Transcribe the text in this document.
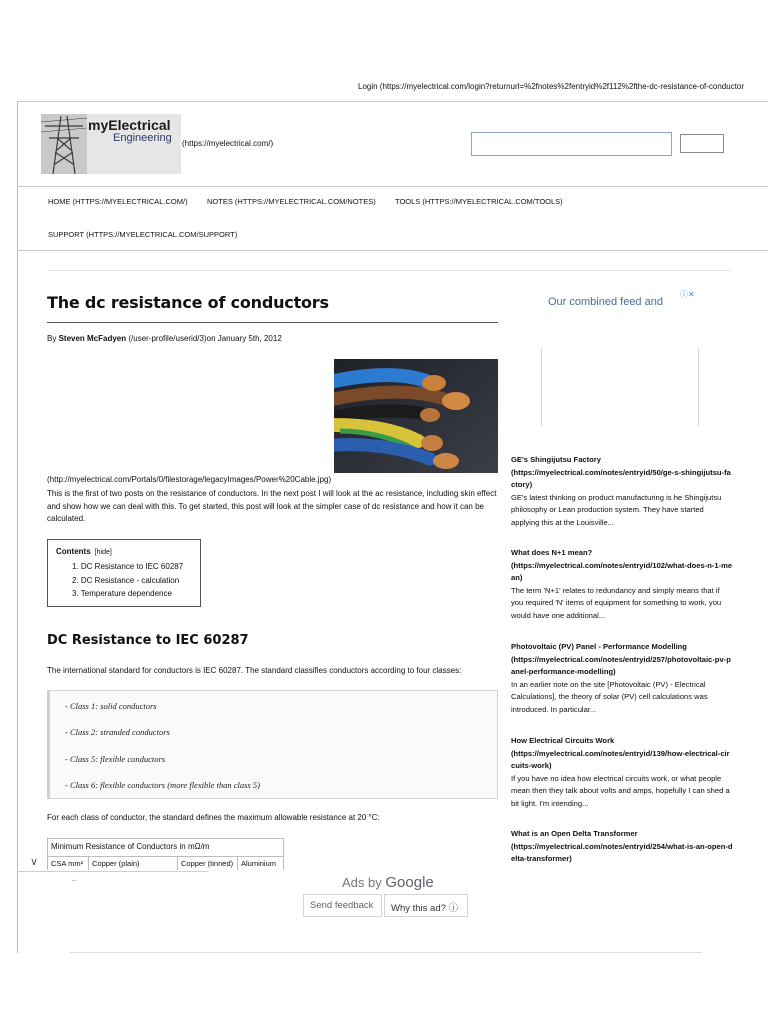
Login (https://myelectrical.com/login?returnurl=%2fnotes%2fentryid%2f112%2fthe-dc-resistance-of-conductor
myElectrical
Engineering (https://myelectrical.com/)
HOME (HTTPS://MYELECTRICAL.COM/)	NOTES (HTTPS://MYELECTRICAL.COM/NOTES)	TOOLS (HTTPS://MYELECTRICAL.COM/TOOLS)
SUPPORT (HTTPS://MYELECTRICAL.COM/SUPPORT)
The dc resistance of conductors
By Steven McFadyen (/user-profile/userid/3)on January 5th, 2012
(http://myelectrical.com/Portals/0/filestorage/legacyImages/Power%20Cable.jpg)
This is the first of two posts on the resistance of conductors. In the next post I will look at the ac resistance, including skin effect and show how we can deal with this. To get started, this post will look at the simpler case of dc resistance and how it can be calculated.
Contents [hide]
1. DC Resistance to IEC 60287
2. DC Resistance - calculation
3. Temperature dependence
DC Resistance to IEC 60287
The international standard for conductors is IEC 60287. The standard classifies conductors according to four classes:
- Class 1: solid conductors
- Class 2: stranded conductors
- Class 5: flexible conductors
- Class 6: flexible conductors (more flexible than class 5)
For each class of conductor, the standard defines the maximum allowable resistance at 20 °C:
Minimum Resistance of Conductors in mΩ/m
CSA mm²	Copper (plain)	Copper (tinned)	Aluminium
∨
←	Ads by Google
Send feedback	Why this ad? ⓘ
Our combined feed and
ⓘ✕
GE's Shingijutsu Factory
(https://myelectrical.com/notes/entryid/50/ge-s-shingijutsu-factory)
GE's latest thinking on product manufacturing is he Shingijutsu philosophy or Lean production system. They have started applying this at the Louisville...
What does N+1 mean?
(https://myelectrical.com/notes/entryid/102/what-does-n-1-mean)
The term 'N+1' relates to redundancy and simply means that if you required 'N' items of equipment for something to work, you would have one additional...
Photovoltaic (PV) Panel - Performance Modelling
(https://myelectrical.com/notes/entryid/257/photovoltaic-pv-panel-performance-modelling)
In an earlier note on the site [Photovoltaic (PV) - Electrical Calculations], the theory of solar (PV) cell calculations was introduced. In particular...
How Electrical Circuits Work
(https://myelectrical.com/notes/entryid/139/how-electrical-circuits-work)
If you have no idea how electrical circuits work, or what people mean then they talk about volts and amps, hopefully I can shed a bit light. I'm intending...
What is an Open Delta Transformer
(https://myelectrical.com/notes/entryid/254/what-is-an-open-delta-transformer)
